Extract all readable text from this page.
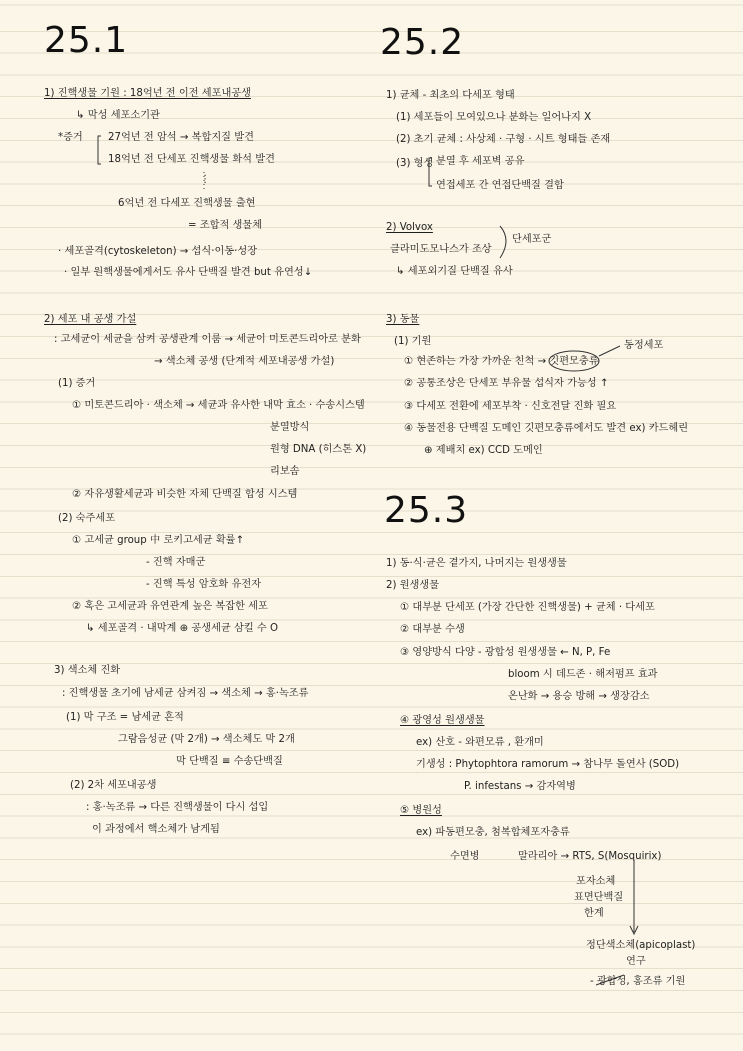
25.1
1) 진핵생물 기원 : 18억년 전 이전 세포내공생
↳ 막성 세포소기관
*증거 27억년 전 암석 → 복합지질 발견
18억년 전 단세포 진핵생물 화석 발견
⋮
6억년 전 다세포 진핵생물 출현
= 조합적 생물체
· 세포골격(cytoskeleton) → 섭식·이동·성장
· 일부 원핵생물에게서도 유사 단백질 발견 but 유연성↓
2) 세포 내 공생 가설
: 고세균이 세균을 삼켜 공생관계 이룸 → 세균이 미토콘드리아로 분화
→ 색소체 공생 (단계적 세포내공생 가설)
(1) 증거
① 미토콘드리아 · 색소체 → 세균과 유사한 내막 효소 · 수송시스템
분열방식
원형 DNA (히스톤 X)
리보솜
② 자유생활세균과 비슷한 자체 단백질 합성 시스템
(2) 숙주세포
① 고세균 group 中 로키고세균 확률↑
- 진핵 자매군
- 진핵 특성 암호화 유전자
② 혹은 고세균과 유연관계 높은 복잡한 세포
↳ 세포골격 · 내막계 ⊕ 공생세균 삼킬 수 O
3) 색소체 진화
: 진핵생물 초기에 남세균 삼켜짐 → 색소체 → 홍·녹조류
(1) 막 구조 = 남세균 흔적
그람음성균 (막 2개) → 색소체도 막 2개
막 단백질 ≡ 수송단백질
(2) 2차 세포내공생
: 홍·녹조류 → 다른 진핵생물이 다시 섭입
이 과정에서 핵소체가 남게됨
25.2
1) 균체 - 최초의 다세포 형태
(1) 세포들이 모여있으나 분화는 일어나지 X
(2) 초기 균체 : 사상체 · 구형 · 시트 형태들 존재
(3) 형성 분열 후 세포벽 공유
연접세포 간 연접단백질 결합
2) Volvox
클라미도모나스가 조상
단세포군
↳ 세포외기질 단백질 유사
3) 동물
(1) 기원
① 현존하는 가장 가까운 친척 → 깃편모충류
동정세포
② 공통조상은 단세포 부유물 섭식자 가능성 ↑
③ 다세포 전환에 세포부착 · 신호전달 진화 필요
④ 동물전용 단백질 도메인 깃편모충류에서도 발견 ex) 카드헤린
⊕ 제배치 ex) CCD 도메인
25.3
1) 동·식·균은 곁가지, 나머지는 원생생물
2) 원생생물
① 대부분 단세포 (가장 간단한 진핵생물) + 균체 · 다세포
② 대부분 수생
③ 영양방식 다양 - 광합성 원생생물 ← N, P, Fe
bloom 시 데드존 · 해저펌프 효과
온난화 → 용승 방해 → 생장감소
④ 광영성 원생생물
ex) 산호 - 와편모류 , 환개미
기생성 : Phytophtora ramorum → 참나무 돌연사 (SOD)
P. infestans → 감자역병
⑤ 병원성
ex) 파동편모충, 첨복합체포자충류
수면병	말라리아 → RTS, S(Mosquirix)
포자소체
표면단백질
한계
정단색소체(apicoplast)
연구
- 광합성, 홍조류 기원
